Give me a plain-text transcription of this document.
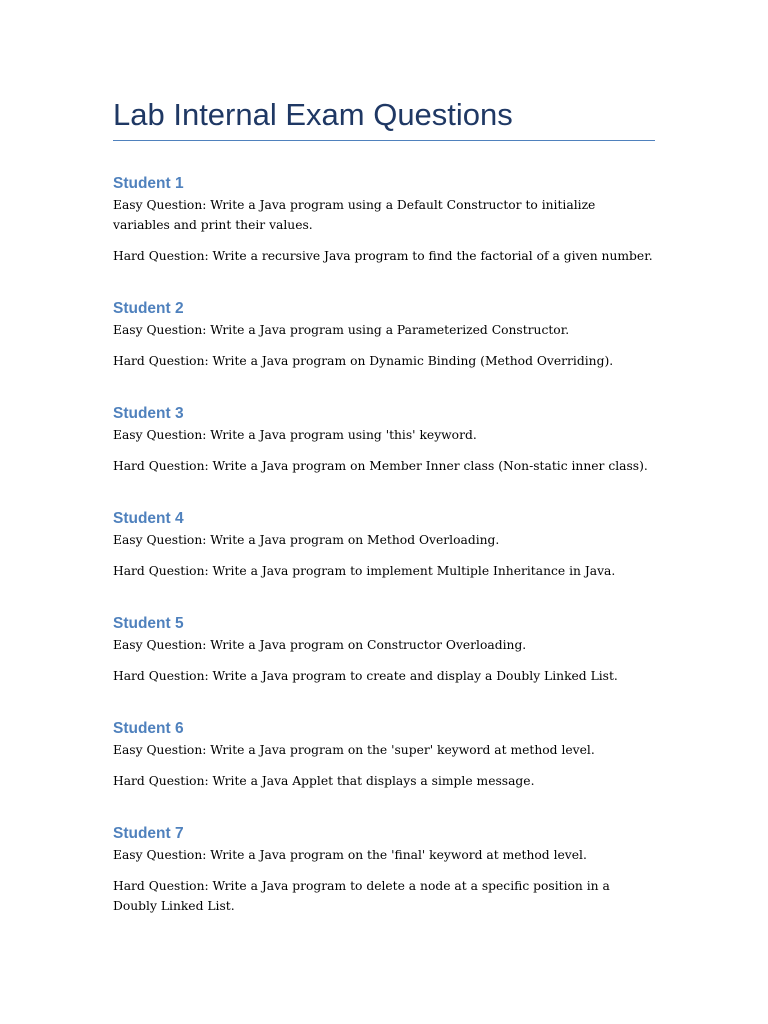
Lab Internal Exam Questions
Student 1

Easy Question: Write a Java program using a Default Constructor to initialize variables and print their values.

Hard Question: Write a recursive Java program to find the factorial of a given number.

Student 2

Easy Question: Write a Java program using a Parameterized Constructor.

Hard Question: Write a Java program on Dynamic Binding (Method Overriding).

Student 3

Easy Question: Write a Java program using 'this' keyword.

Hard Question: Write a Java program on Member Inner class (Non-static inner class).

Student 4

Easy Question: Write a Java program on Method Overloading.

Hard Question: Write a Java program to implement Multiple Inheritance in Java.

Student 5

Easy Question: Write a Java program on Constructor Overloading.

Hard Question: Write a Java program to create and display a Doubly Linked List.

Student 6

Easy Question: Write a Java program on the 'super' keyword at method level.

Hard Question: Write a Java Applet that displays a simple message.

Student 7

Easy Question: Write a Java program on the 'final' keyword at method level.

Hard Question: Write a Java program to delete a node at a specific position in a Doubly Linked List.
